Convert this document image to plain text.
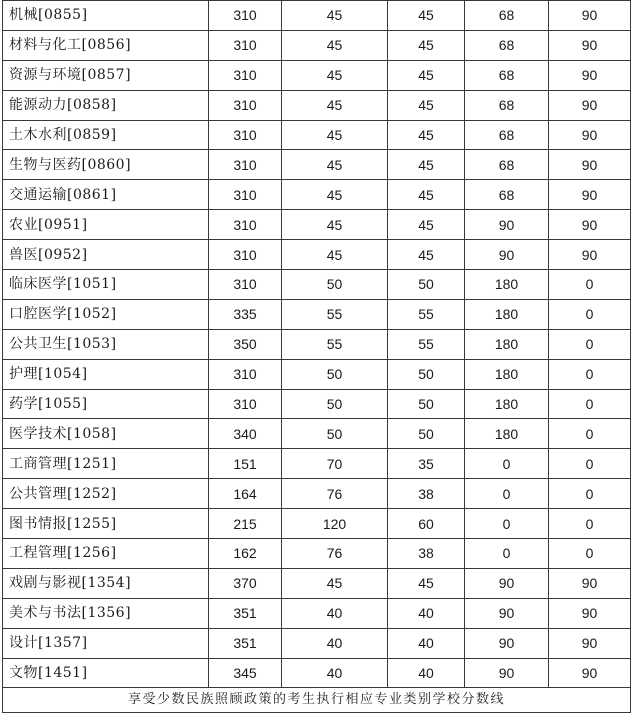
机械[0855]	310	45	45	68	90
材料与化工[0856]	310	45	45	68	90
资源与环境[0857]	310	45	45	68	90
能源动力[0858]	310	45	45	68	90
土木水利[0859]	310	45	45	68	90
生物与医药[0860]	310	45	45	68	90
交通运输[0861]	310	45	45	68	90
农业[0951]	310	45	45	90	90
兽医[0952]	310	45	45	90	90
临床医学[1051]	310	50	50	180	0
口腔医学[1052]	335	55	55	180	0
公共卫生[1053]	350	55	55	180	0
护理[1054]	310	50	50	180	0
药学[1055]	310	50	50	180	0
医学技术[1058]	340	50	50	180	0
工商管理[1251]	151	70	35	0	0
公共管理[1252]	164	76	38	0	0
图书情报[1255]	215	120	60	0	0
工程管理[1256]	162	76	38	0	0
戏剧与影视[1354]	370	45	45	90	90
美术与书法[1356]	351	40	40	90	90
设计[1357]	351	40	40	90	90
文物[1451]	345	40	40	90	90
享受少数民族照顾政策的考生执行相应专业类别学校分数线					
